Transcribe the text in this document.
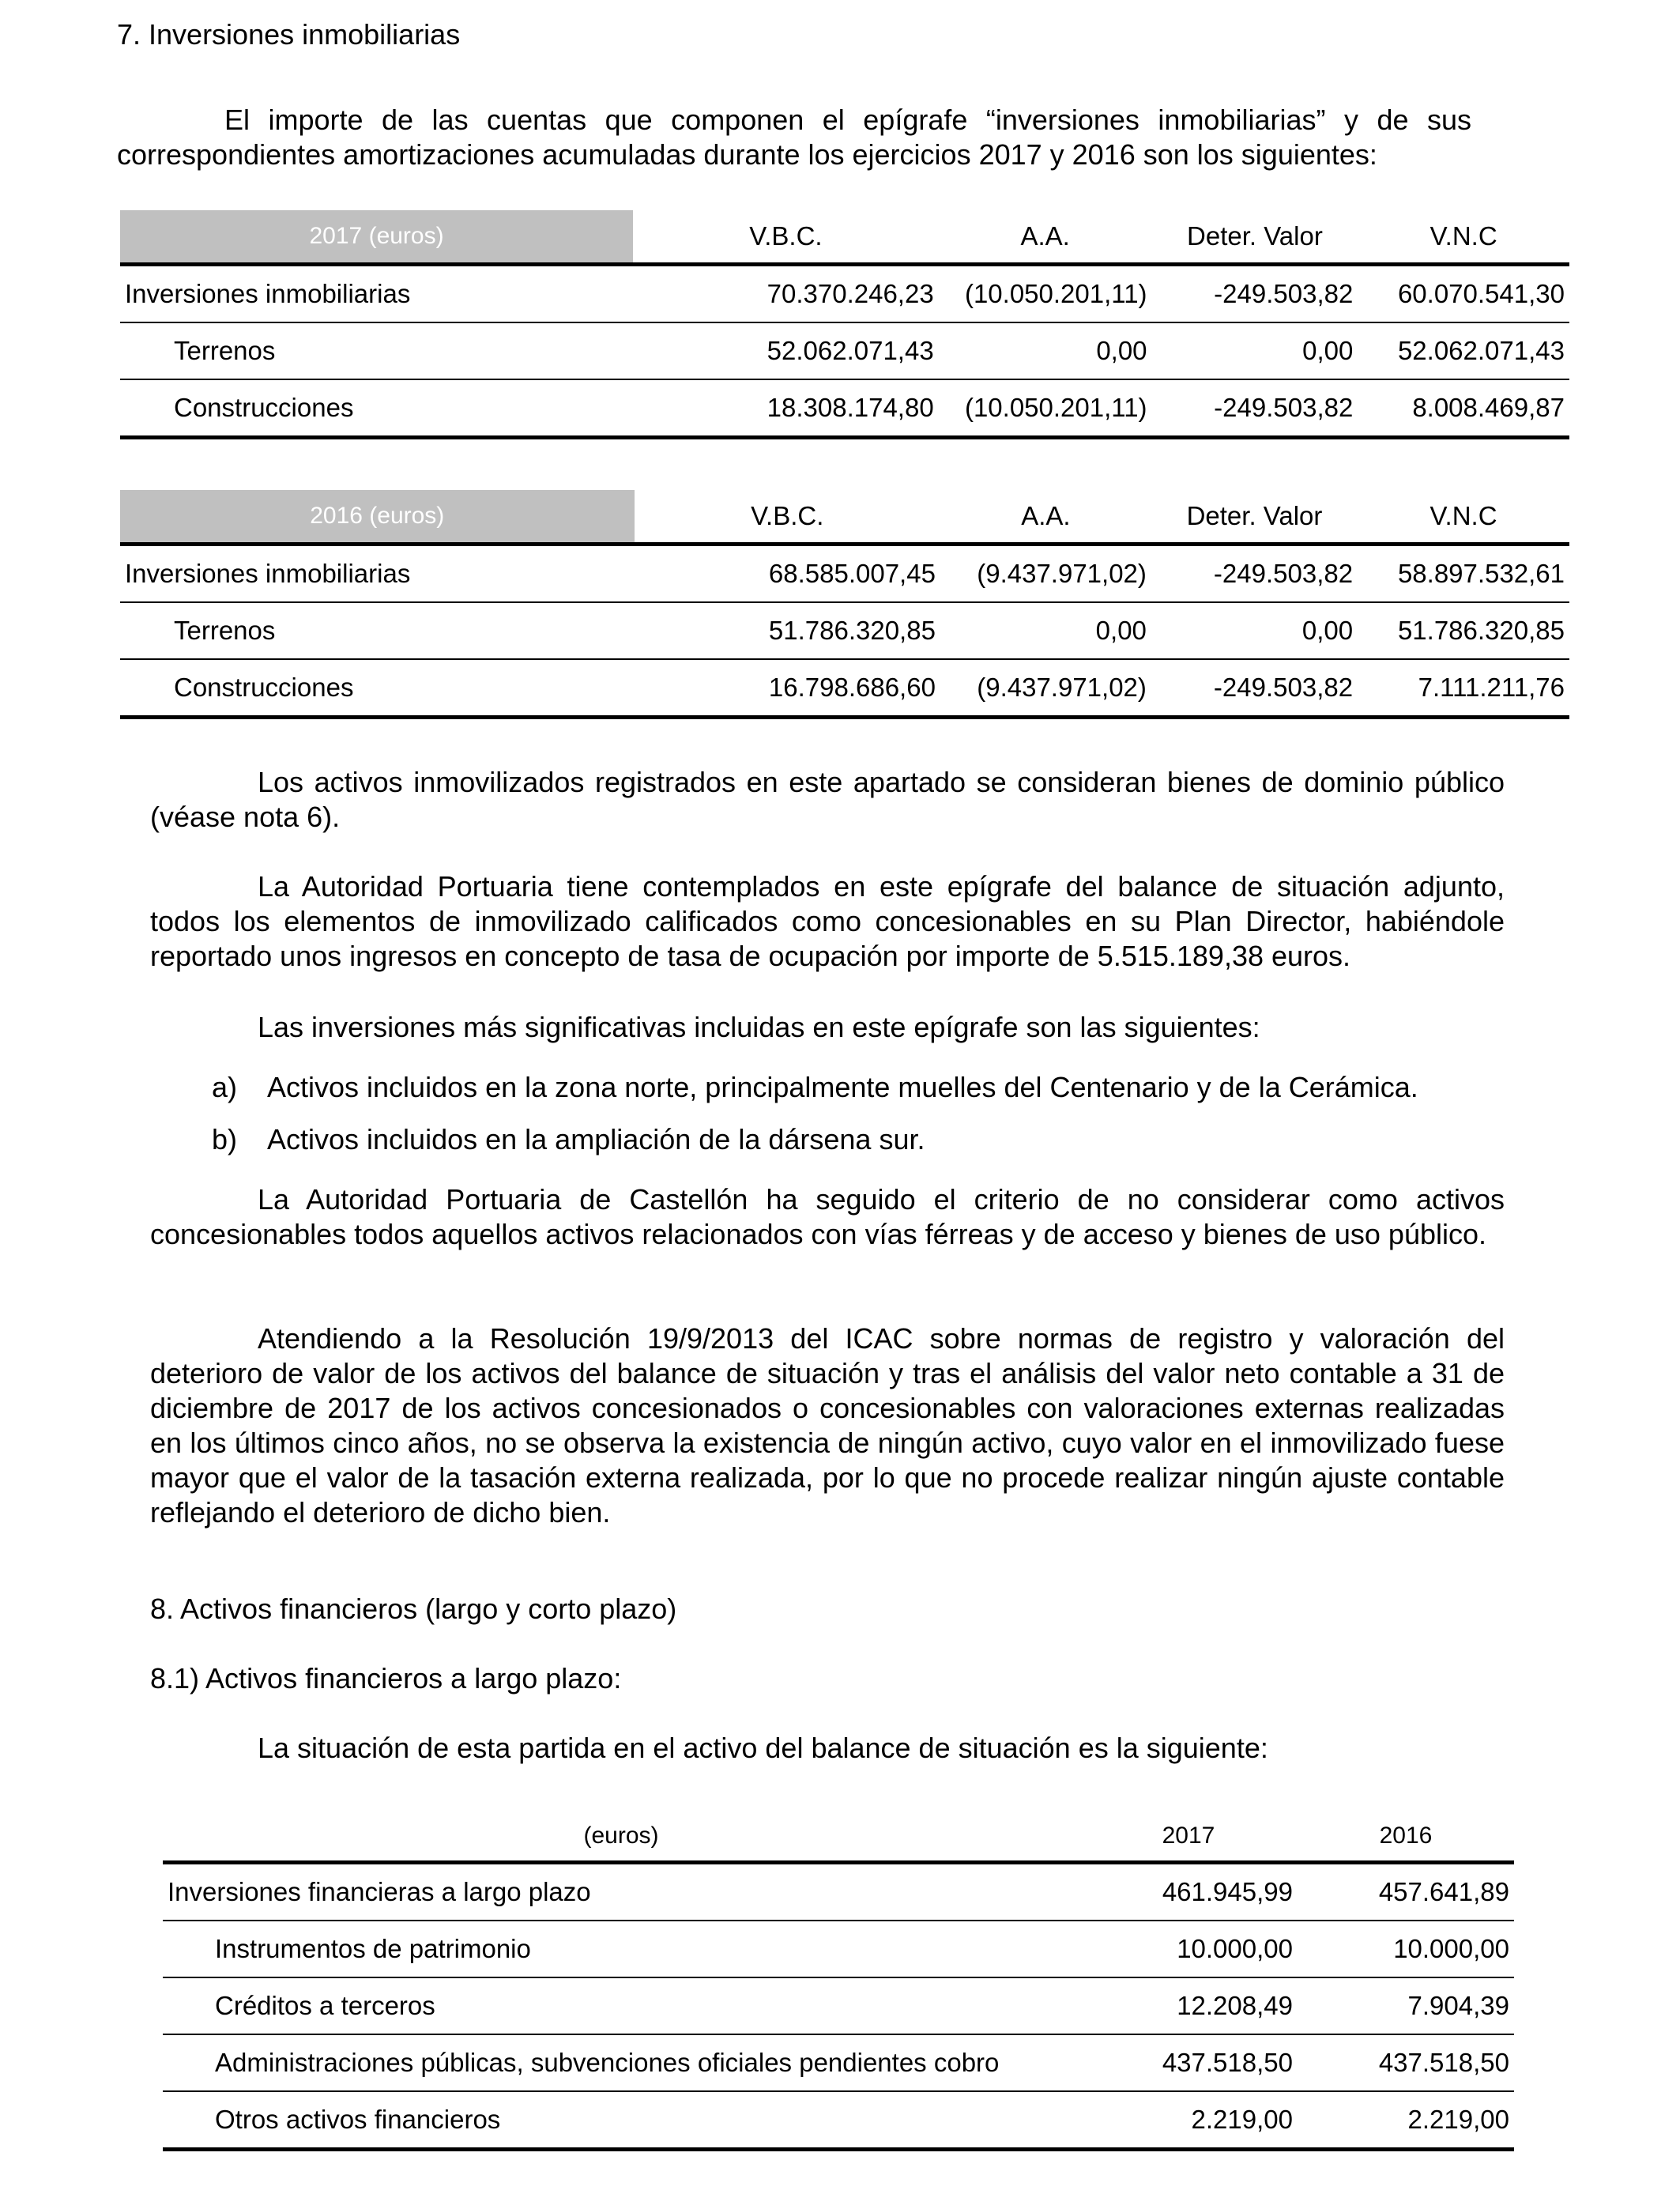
7. Inversiones inmobiliarias

El importe de las cuentas que componen el epígrafe “inversiones inmobiliarias” y de sus correspondientes amortizaciones acumuladas durante los ejercicios 2017 y 2016 son los siguientes:

2017 (euros)	V.B.C.	A.A.	Deter. Valor	V.N.C
Inversiones inmobiliarias	70.370.246,23	(10.050.201,11)	-249.503,82	60.070.541,30
Terrenos	52.062.071,43	0,00	0,00	52.062.071,43
Construcciones	18.308.174,80	(10.050.201,11)	-249.503,82	8.008.469,87
2016 (euros)	V.B.C.	A.A.	Deter. Valor	V.N.C
Inversiones inmobiliarias	68.585.007,45	(9.437.971,02)	-249.503,82	58.897.532,61
Terrenos	51.786.320,85	0,00	0,00	51.786.320,85
Construcciones	16.798.686,60	(9.437.971,02)	-249.503,82	7.111.211,76

Los activos inmovilizados registrados en este apartado se consideran bienes de dominio público (véase nota 6).

La Autoridad Portuaria tiene contemplados en este epígrafe del balance de situación adjunto, todos los elementos de inmovilizado calificados como concesionables en su Plan Director, habiéndole reportado unos ingresos en concepto de tasa de ocupación por importe de 5.515.189,38 euros.

Las inversiones más significativas incluidas en este epígrafe son las siguientes:

a) Activos incluidos en la zona norte, principalmente muelles del Centenario y de la Cerámica.
b) Activos incluidos en la ampliación de la dársena sur.

La Autoridad Portuaria de Castellón ha seguido el criterio de no considerar como activos concesionables todos aquellos activos relacionados con vías férreas y de acceso y bienes de uso público.

Atendiendo a la Resolución 19/9/2013 del ICAC sobre normas de registro y valoración del deterioro de valor de los activos del balance de situación y tras el análisis del valor neto contable a 31 de diciembre de 2017 de los activos concesionados o concesionables con valoraciones externas realizadas en los últimos cinco años, no se observa la existencia de ningún activo, cuyo valor en el inmovilizado fuese mayor que el valor de la tasación externa realizada, por lo que no procede realizar ningún ajuste contable reflejando el deterioro de dicho bien.

8. Activos financieros (largo y corto plazo)
8.1) Activos financieros a largo plazo:

La situación de esta partida en el activo del balance de situación es la siguiente:

(euros)	2017	2016
Inversiones financieras a largo plazo	461.945,99	457.641,89
Instrumentos de patrimonio	10.000,00	10.000,00
Créditos a terceros	12.208,49	7.904,39
Administraciones públicas, subvenciones oficiales pendientes cobro	437.518,50	437.518,50
Otros activos financieros	2.219,00	2.219,00
